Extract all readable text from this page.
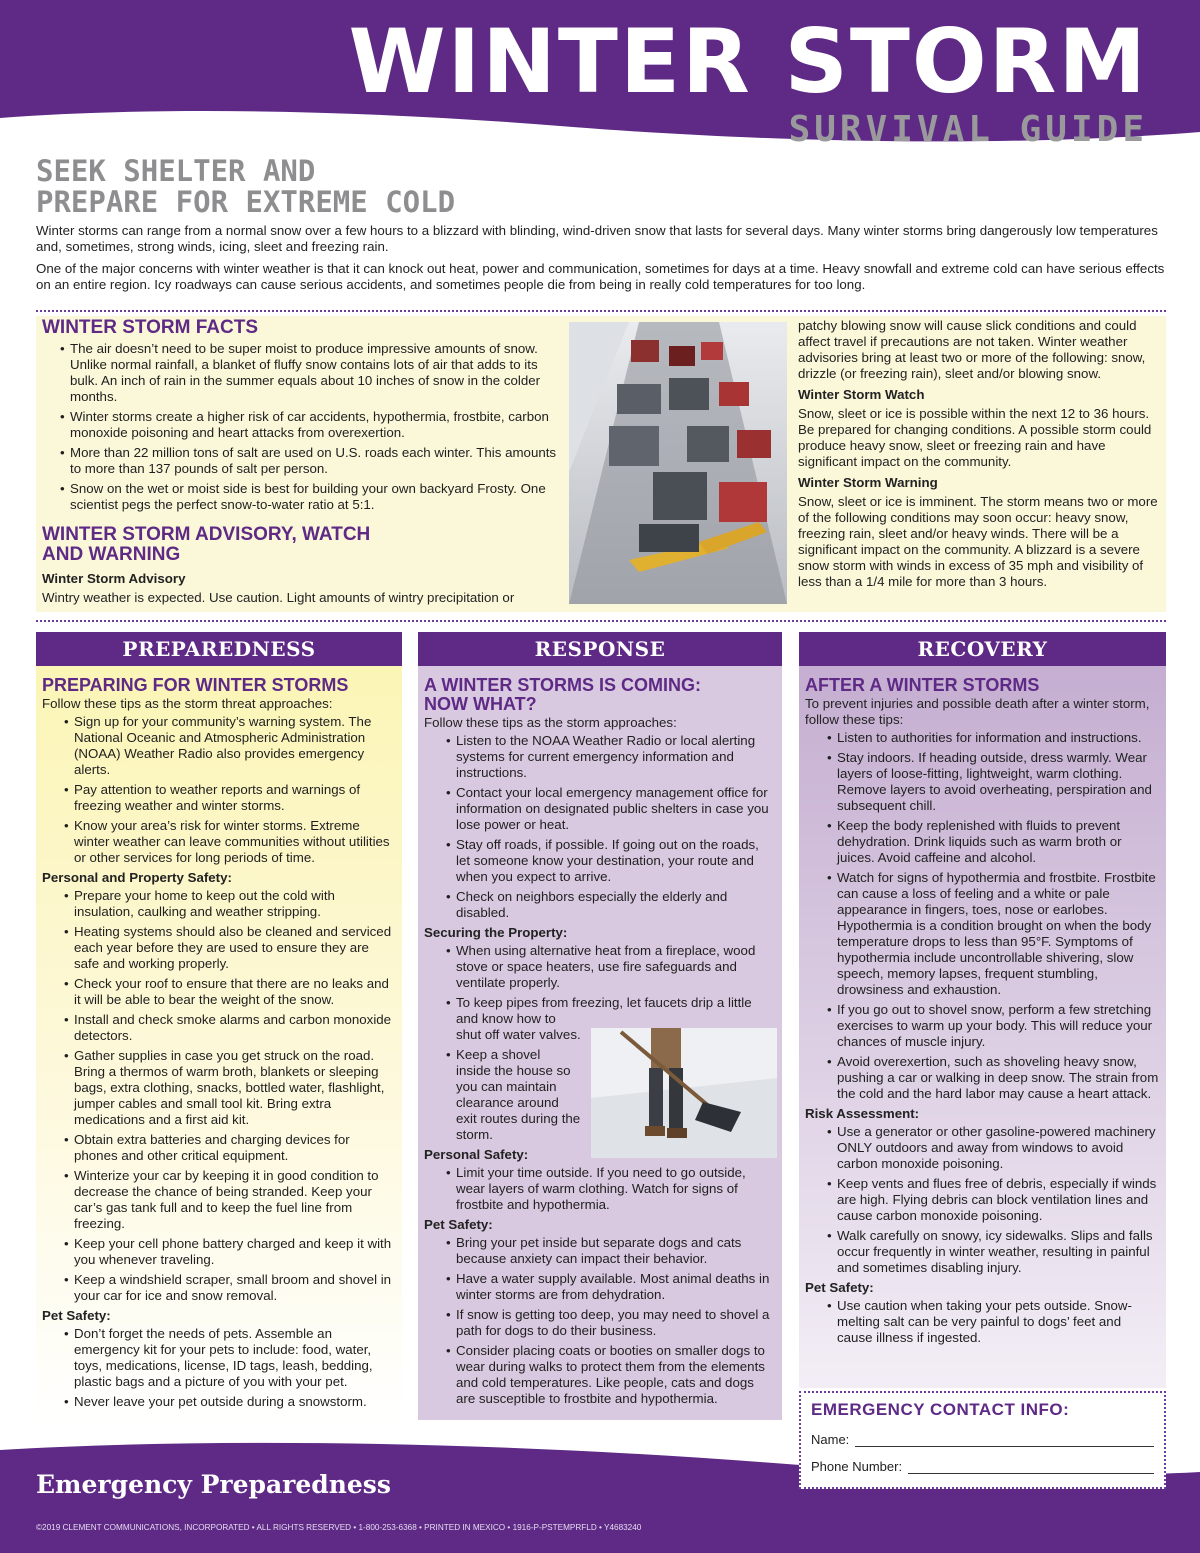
WINTER STORM
SURVIVAL GUIDE
SEEK SHELTER AND
PREPARE FOR EXTREME COLD

Winter storms can range from a normal snow over a few hours to a blizzard with blinding, wind-driven snow that lasts for several days. Many winter storms bring dangerously low temperatures and, sometimes, strong winds, icing, sleet and freezing rain.

One of the major concerns with winter weather is that it can knock out heat, power and communication, sometimes for days at a time. Heavy snowfall and extreme cold can have serious effects on an entire region. Icy roadways can cause serious accidents, and sometimes people die from being in really cold temperatures for too long.

WINTER STORM FACTS
• The air doesn’t need to be super moist to produce impressive amounts of snow. Unlike normal rainfall, a blanket of fluffy snow contains lots of air that adds to its bulk. An inch of rain in the summer equals about 10 inches of snow in the colder months.
• Winter storms create a higher risk of car accidents, hypothermia, frostbite, carbon monoxide poisoning and heart attacks from overexertion.
• More than 22 million tons of salt are used on U.S. roads each winter. This amounts to more than 137 pounds of salt per person.
• Snow on the wet or moist side is best for building your own backyard Frosty. One scientist pegs the perfect snow-to-water ratio at 5:1.
WINTER STORM ADVISORY, WATCH
AND WARNING
Winter Storm Advisory
Wintry weather is expected. Use caution. Light amounts of wintry precipitation or
patchy blowing snow will cause slick conditions and could affect travel if precautions are not taken. Winter weather advisories bring at least two or more of the following: snow, drizzle (or freezing rain), sleet and/or blowing snow.
Winter Storm Watch
Snow, sleet or ice is possible within the next 12 to 36 hours. Be prepared for changing conditions. A possible storm could produce heavy snow, sleet or freezing rain and have significant impact on the community.
Winter Storm Warning
Snow, sleet or ice is imminent. The storm means two or more of the following conditions may soon occur: heavy snow, freezing rain, sleet and/or heavy winds. There will be a significant impact on the community. A blizzard is a severe snow storm with winds in excess of 35 mph and visibility of less than a 1/4 mile for more than 3 hours.
PREPAREDNESS	RESPONSE	RECOVERY
PREPARING FOR WINTER STORMS
Follow these tips as the storm threat approaches:
• Sign up for your community’s warning system. The National Oceanic and Atmospheric Administration (NOAA) Weather Radio also provides emergency alerts.
• Pay attention to weather reports and warnings of freezing weather and winter storms.
• Know your area’s risk for winter storms. Extreme winter weather can leave communities without utilities or other services for long periods of time.
Personal and Property Safety:
• Prepare your home to keep out the cold with insulation, caulking and weather stripping.
• Heating systems should also be cleaned and serviced each year before they are used to ensure they are safe and working properly.
• Check your roof to ensure that there are no leaks and it will be able to bear the weight of the snow.
• Install and check smoke alarms and carbon monoxide detectors.
• Gather supplies in case you get struck on the road. Bring a thermos of warm broth, blankets or sleeping bags, extra clothing, snacks, bottled water, flashlight, jumper cables and small tool kit. Bring extra medications and a first aid kit.
• Obtain extra batteries and charging devices for phones and other critical equipment.
• Winterize your car by keeping it in good condition to decrease the chance of being stranded. Keep your car’s gas tank full and to keep the fuel line from freezing.
• Keep your cell phone battery charged and keep it with you whenever traveling.
• Keep a windshield scraper, small broom and shovel in your car for ice and snow removal.
Pet Safety:
• Don’t forget the needs of pets. Assemble an emergency kit for your pets to include: food, water, toys, medications, license, ID tags, leash, bedding, plastic bags and a picture of you with your pet.
• Never leave your pet outside during a snowstorm.
A WINTER STORMS IS COMING:
NOW WHAT?
Follow these tips as the storm approaches:
• Listen to the NOAA Weather Radio or local alerting systems for current emergency information and instructions.
• Contact your local emergency management office for information on designated public shelters in case you lose power or heat.
• Stay off roads, if possible. If going out on the roads, let someone know your destination, your route and when you expect to arrive.
• Check on neighbors especially the elderly and disabled.
Securing the Property:
• When using alternative heat from a fireplace, wood stove or space heaters, use fire safeguards and ventilate properly.
• To keep pipes from freezing, let faucets drip a little
and know how to
shut off water valves.
• Keep a shovel
inside the house so
you can maintain
clearance around
exit routes during the
storm.
Personal Safety:
• Limit your time outside. If you need to go outside, wear layers of warm clothing. Watch for signs of frostbite and hypothermia.
Pet Safety:
• Bring your pet inside but separate dogs and cats because anxiety can impact their behavior.
• Have a water supply available. Most animal deaths in winter storms are from dehydration.
• If snow is getting too deep, you may need to shovel a path for dogs to do their business.
• Consider placing coats or booties on smaller dogs to wear during walks to protect them from the elements and cold temperatures. Like people, cats and dogs are susceptible to frostbite and hypothermia.
AFTER A WINTER STORMS
To prevent injuries and possible death after a winter storm, follow these tips:
• Listen to authorities for information and instructions.
• Stay indoors. If heading outside, dress warmly. Wear layers of loose-fitting, lightweight, warm clothing. Remove layers to avoid overheating, perspiration and subsequent chill.
• Keep the body replenished with fluids to prevent dehydration. Drink liquids such as warm broth or juices. Avoid caffeine and alcohol.
• Watch for signs of hypothermia and frostbite. Frostbite can cause a loss of feeling and a white or pale appearance in fingers, toes, nose or earlobes. Hypothermia is a condition brought on when the body temperature drops to less than 95°F. Symptoms of hypothermia include uncontrollable shivering, slow speech, memory lapses, frequent stumbling, drowsiness and exhaustion.
• If you go out to shovel snow, perform a few stretching exercises to warm up your body. This will reduce your chances of muscle injury.
• Avoid overexertion, such as shoveling heavy snow, pushing a car or walking in deep snow. The strain from the cold and the hard labor may cause a heart attack.
Risk Assessment:
• Use a generator or other gasoline-powered machinery ONLY outdoors and away from windows to avoid carbon monoxide poisoning.
• Keep vents and flues free of debris, especially if winds are high. Flying debris can block ventilation lines and cause carbon monoxide poisoning.
• Walk carefully on snowy, icy sidewalks. Slips and falls occur frequently in winter weather, resulting in painful and sometimes disabling injury.
Pet Safety:
• Use caution when taking your pets outside. Snow-melting salt can be very painful to dogs’ feet and cause illness if ingested.
Emergency Preparedness
©2019 CLEMENT COMMUNICATIONS, INCORPORATED • ALL RIGHTS RESERVED • 1-800-253-6368 • PRINTED IN MEXICO • 1916-P-PSTEMPRFLD • Y4683240
EMERGENCY CONTACT INFO:
Name:
Phone Number:
